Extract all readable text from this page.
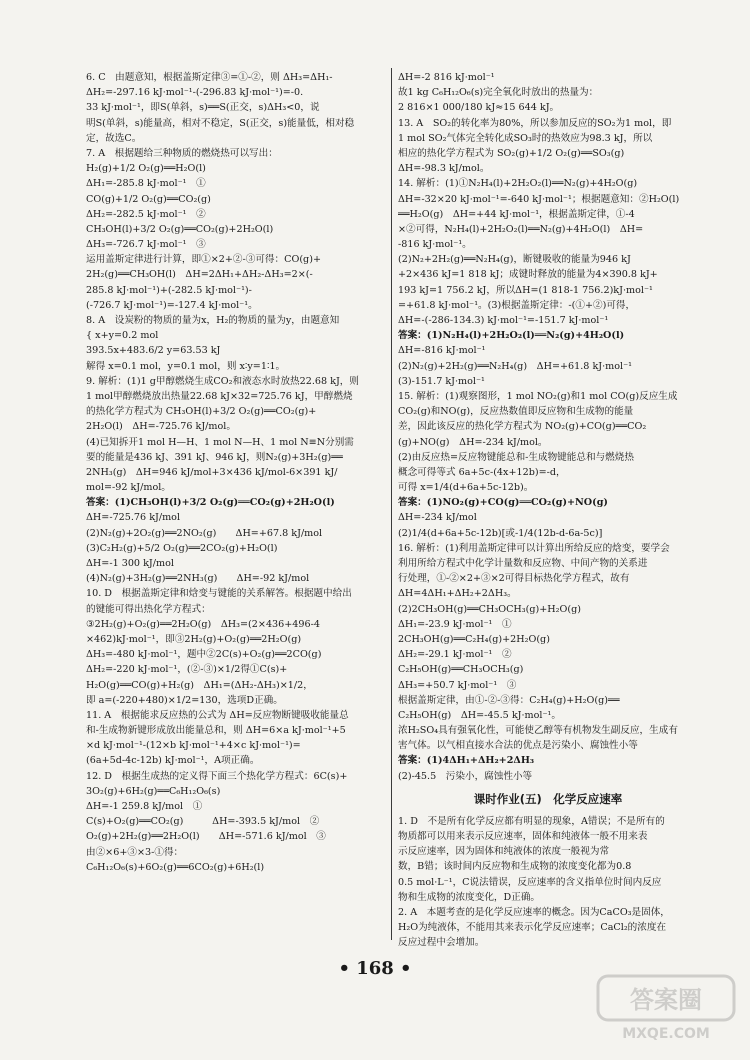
6. C　由题意知，根据盖斯定律③=①-②，则 ΔH₃=ΔH₁-
ΔH₂=-297.16 kJ·mol⁻¹-(-296.83 kJ·mol⁻¹)=-0.
33 kJ·mol⁻¹，即S(单斜，s)══S(正交，s)ΔH₃<0，说
明S(单斜，s)能量高，相对不稳定，S(正交，s)能量低，相对稳
定，故选C。
7. A　根据题给三种物质的燃烧热可以写出：
H₂(g)+1/2 O₂(g)══H₂O(l)
ΔH₁=-285.8 kJ·mol⁻¹　①
CO(g)+1/2 O₂(g)══CO₂(g)
ΔH₂=-282.5 kJ·mol⁻¹　②
CH₃OH(l)+3/2 O₂(g)══CO₂(g)+2H₂O(l)
ΔH₃=-726.7 kJ·mol⁻¹　③
运用盖斯定律进行计算，即①×2+②-③可得：CO(g)+
2H₂(g)══CH₃OH(l)　ΔH=2ΔH₁+ΔH₂-ΔH₃=2×(-
285.8 kJ·mol⁻¹)+(-282.5 kJ·mol⁻¹)-
(-726.7 kJ·mol⁻¹)=-127.4 kJ·mol⁻¹。
8. A　设炭粉的物质的量为x，H₂的物质的量为y，由题意知
{ x+y=0.2 mol
393.5x+483.6/2 y=63.53 kJ
解得 x=0.1 mol，y=0.1 mol，则 x∶y=1∶1。
9. 解析：(1)1 g甲醇燃烧生成CO₂和液态水时放热22.68 kJ，则
1 mol甲醇燃烧放出热量22.68 kJ×32=725.76 kJ，甲醇燃烧
的热化学方程式为 CH₃OH(l)+3/2 O₂(g)══CO₂(g)+
2H₂O(l)　ΔH=-725.76 kJ/mol。
(4)已知拆开1 mol H—H、1 mol N—H、1 mol N≡N分别需
要的能量是436 kJ、391 kJ、946 kJ，则N₂(g)+3H₂(g)══
2NH₃(g)　ΔH=946 kJ/mol+3×436 kJ/mol-6×391 kJ/
mol=-92 kJ/mol。
答案：(1)CH₃OH(l)+3/2 O₂(g)══CO₂(g)+2H₂O(l)
ΔH=-725.76 kJ/mol
(2)N₂(g)+2O₂(g)══2NO₂(g)　　ΔH=+67.8 kJ/mol
(3)C₂H₂(g)+5/2 O₂(g)══2CO₂(g)+H₂O(l)
ΔH=-1 300 kJ/mol
(4)N₂(g)+3H₂(g)══2NH₃(g)　　ΔH=-92 kJ/mol
10. D　根据盖斯定律和焓变与键能的关系解答。根据题中给出
的键能可得出热化学方程式：
③2H₂(g)+O₂(g)══2H₂O(g)　ΔH₃=(2×436+496-4
×462)kJ·mol⁻¹，即③2H₂(g)+O₂(g)══2H₂O(g)
ΔH₃=-480 kJ·mol⁻¹，题中②2C(s)+O₂(g)══2CO(g)
ΔH₂=-220 kJ·mol⁻¹，(②-③)×1/2得①C(s)+
H₂O(g)══CO(g)+H₂(g)　ΔH₁=(ΔH₂-ΔH₃)×1/2，
即 a=(-220+480)×1/2=130，选项D正确。
11. A　根据能求反应热的公式为 ΔH=反应物断键吸收能量总
和-生成物新键形成放出能量总和，则 ΔH=6×a kJ·mol⁻¹+5
×d kJ·mol⁻¹-(12×b kJ·mol⁻¹+4×c kJ·mol⁻¹)=
(6a+5d-4c-12b) kJ·mol⁻¹，A项正确。
12. D　根据生成热的定义得下面三个热化学方程式：6C(s)+
3O₂(g)+6H₂(g)══C₆H₁₂O₆(s)
ΔH=-1 259.8 kJ/mol　①
C(s)+O₂(g)══CO₂(g)　　　ΔH=-393.5 kJ/mol　②
O₂(g)+2H₂(g)══2H₂O(l)　　ΔH=-571.6 kJ/mol　③
由②×6+③×3-①得：
C₆H₁₂O₆(s)+6O₂(g)══6CO₂(g)+6H₂(l)
ΔH=-2 816 kJ·mol⁻¹
故1 kg C₆H₁₂O₆(s)完全氧化时放出的热量为：
2 816×1 000/180 kJ≈15 644 kJ。
13. A　SO₂的转化率为80%，所以参加反应的SO₂为1 mol，即
1 mol SO₂气体完全转化成SO₃时的热效应为98.3 kJ，所以
相应的热化学方程式为 SO₂(g)+1/2 O₂(g)══SO₃(g)
ΔH=-98.3 kJ/mol。
14. 解析：(1)①N₂H₄(l)+2H₂O₂(l)══N₂(g)+4H₂O(g)
ΔH=-32×20 kJ·mol⁻¹=-640 kJ·mol⁻¹；根据题意知：②H₂O(l)
══H₂O(g)　ΔH=+44 kJ·mol⁻¹，根据盖斯定律，①-4
×②可得，N₂H₄(l)+2H₂O₂(l)══N₂(g)+4H₂O(l)　ΔH=
-816 kJ·mol⁻¹。
(2)N₂+2H₂(g)══N₂H₄(g)，断键吸收的能量为946 kJ
+2×436 kJ=1 818 kJ；成键时释放的能量为4×390.8 kJ+
193 kJ=1 756.2 kJ，所以ΔH=(1 818-1 756.2)kJ·mol⁻¹
=+61.8 kJ·mol⁻¹。(3)根据盖斯定律：-(①+②)可得，
ΔH=-(-286-134.3) kJ·mol⁻¹=-151.7 kJ·mol⁻¹
答案：(1)N₂H₄(l)+2H₂O₂(l)══N₂(g)+4H₂O(l)
ΔH=-816 kJ·mol⁻¹
(2)N₂(g)+2H₂(g)══N₂H₄(g)　ΔH=+61.8 kJ·mol⁻¹
(3)-151.7 kJ·mol⁻¹
15. 解析：(1)观察图形，1 mol NO₂(g)和1 mol CO(g)反应生成
CO₂(g)和NO(g)，反应热数值即反应物和生成物的能量
差，因此该反应的热化学方程式为 NO₂(g)+CO(g)══CO₂
(g)+NO(g)　ΔH=-234 kJ/mol。
(2)由反应热=反应物键能总和-生成物键能总和与燃烧热
概念可得等式 6a+5c-(4x+12b)=-d，
可得 x=1/4(d+6a+5c-12b)。
答案：(1)NO₂(g)+CO(g)══CO₂(g)+NO(g)
ΔH=-234 kJ/mol
(2)1/4(d+6a+5c-12b)[或-1/4(12b-d-6a-5c)]
16. 解析：(1)利用盖斯定律可以计算出所给反应的焓变，要学会
利用所给方程式中化学计量数和反应物、中间产物的关系进
行处理，①-②×2+③×2可得目标热化学方程式，故有
ΔH=4ΔH₁+ΔH₂+2ΔH₃。
(2)2CH₃OH(g)══CH₃OCH₃(g)+H₂O(g)
ΔH₁=-23.9 kJ·mol⁻¹　①
2CH₃OH(g)══C₂H₄(g)+2H₂O(g)
ΔH₂=-29.1 kJ·mol⁻¹　②
C₂H₅OH(g)══CH₃OCH₃(g)
ΔH₃=+50.7 kJ·mol⁻¹　③
根据盖斯定律，由①-②-③得：C₂H₄(g)+H₂O(g)══
C₂H₅OH(g)　ΔH=-45.5 kJ·mol⁻¹。
浓H₂SO₄具有强氧化性，可能使乙醇等有机物发生副反应，生成有
害气体。以气相直接水合法的优点是污染小、腐蚀性小等
答案：(1)4ΔH₁+ΔH₂+2ΔH₃
(2)-45.5　污染小，腐蚀性小等
课时作业(五)　化学反应速率
1. D　不是所有化学反应都有明显的现象，A错误；不是所有的
物质都可以用来表示反应速率，固体和纯液体一般不用来表
示反应速率，因为固体和纯液体的浓度一般视为常
数，B错；该时间内反应物和生成物的浓度变化都为0.8
0.5 mol·L⁻¹，C说法错误，反应速率的含义指单位时间内反应
物和生成物的浓度变化，D正确。
2. A　本题考查的是化学反应速率的概念。因为CaCO₃是固体，
H₂O为纯液体，不能用其来表示化学反应速率；CaCl₂的浓度在
反应过程中会增加。
• 168 •
答案圈
MXQE.COM
